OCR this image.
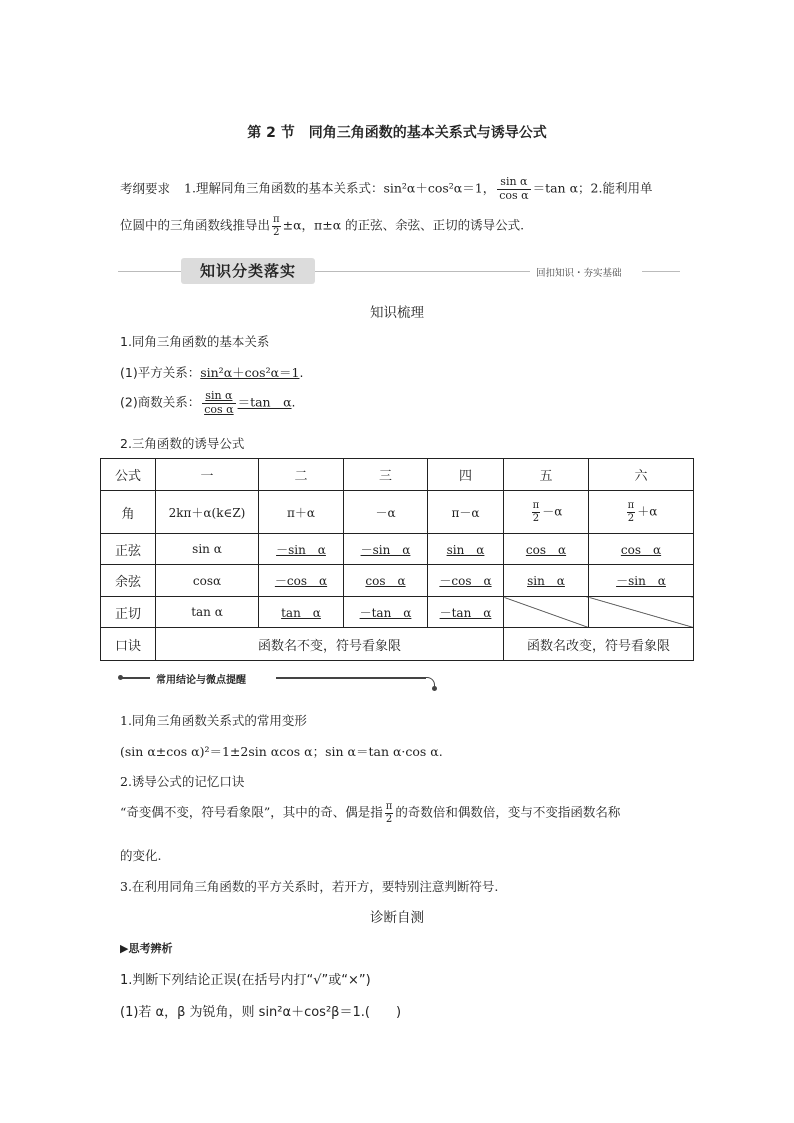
第 2 节 同角三角函数的基本关系式与诱导公式
考纲要求 1.理解同角三角函数的基本关系式：sin²α＋cos²α＝1， $\frac{\text{sin α}}{\text{cos α}} =\tan$ α；2.能利用单
位圆中的三角函数线推导出 $\frac{\pi}{2} \pm\alpha$，π±α 的正弦、余弦、正切的诱导公式.
知识分类落实	回扣知识・夯实基础
知识梳理
1.同角三角函数的基本关系
(1)平方关系：sin²α＋cos²α＝1.
(2)商数关系： $\frac{\text{sin α}}{\text{cos α}} =\tan$　α.
2.三角函数的诱导公式
公式	一	二	三	四	五	六
角	2kπ＋α(k∈Z)	π＋α	－α	π－α	$\frac{\pi}{2} -\alpha$	$\frac{\pi}{2} +\alpha$
正弦	sin α	－sin　α	－sin　α	sin　α	cos　α	cos　α
余弦	cosα	－cos　α	cos　α	－cos　α	sin　α	－sin　α
正切	tan α	tan　α	－tan　α	－tan　α		
口诀	函数名不变，符号看象限				函数名改变，符号看象限	
常用结论与微点提醒
1.同角三角函数关系式的常用变形
(sin α±cos α)²＝1±2sin αcos α；sin α＝tan α·cos α.
2.诱导公式的记忆口诀
“奇变偶不变，符号看象限”，其中的奇、偶是指 $\frac{\pi}{2}$ 的奇数倍和偶数倍，变与不变指函数名称
的变化.
3.在利用同角三角函数的平方关系时，若开方，要特别注意判断符号.
诊断自测
▶思考辨析
1.判断下列结论正误(在括号内打“√”或“×”)
(1)若 α，β 为锐角，则 sin²α＋cos²β＝1.(　　)
